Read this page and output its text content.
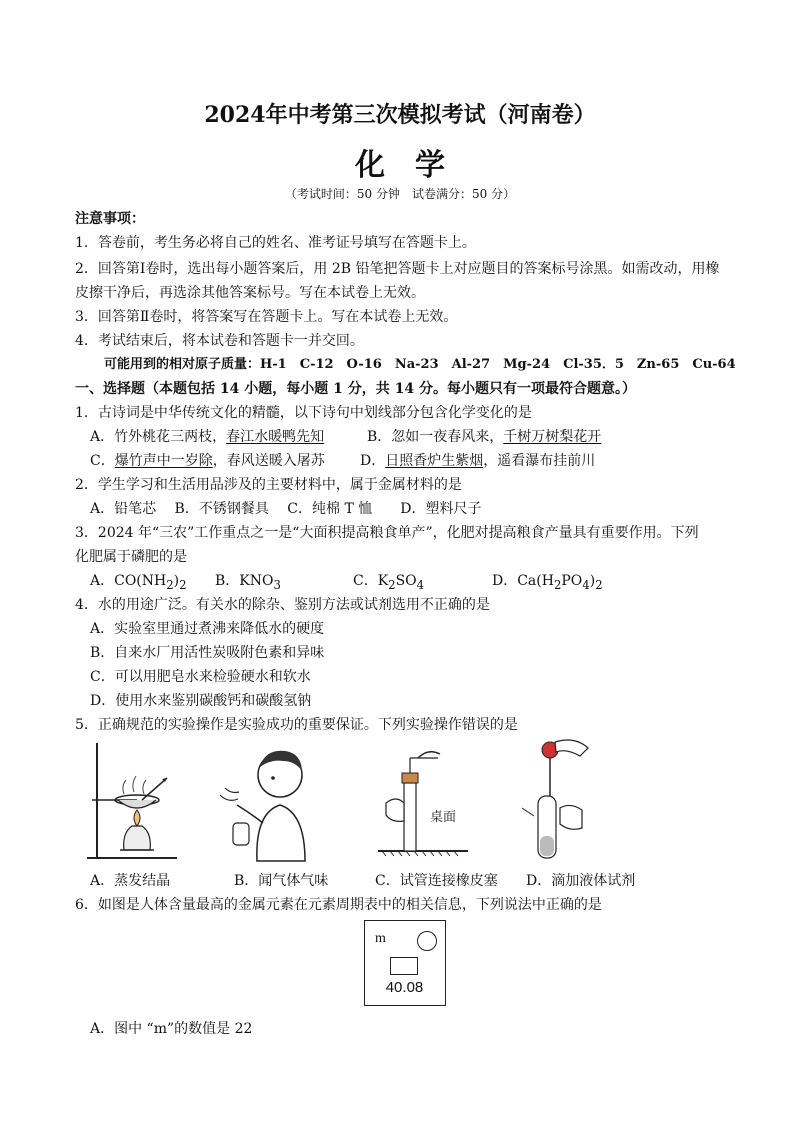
2024年中考第三次模拟考试（河南卷）
化学
（考试时间：50 分钟　试卷满分：50 分）
注意事项：
1．答卷前，考生务必将自己的姓名、准考证号填写在答题卡上。
2．回答第Ⅰ卷时，选出每小题答案后，用 2B 铅笔把答题卡上对应题目的答案标号涂黑。如需改动，用橡
皮擦干净后，再选涂其他答案标号。写在本试卷上无效。
3．回答第Ⅱ卷时，将答案写在答题卡上。写在本试卷上无效。
4．考试结束后，将本试卷和答题卡一并交回。
可能用到的相对原子质量：H-1　C-12　O-16　Na-23　Al-27　Mg-24　Cl-35．5　Zn-65　Cu-64
一、选择题（本题包括 14 小题，每小题 1 分，共 14 分。每小题只有一项最符合题意。）
1．古诗词是中华传统文化的精髓，以下诗句中划线部分包含化学变化的是
A．竹外桃花三两枝，春江水暖鸭先知	B．忽如一夜春风来，千树万树梨花开
C．爆竹声中一岁除，春风送暖入屠苏	D．日照香炉生紫烟，遥看瀑布挂前川
2．学生学习和生活用品涉及的主要材料中，属于金属材料的是
A．铅笔芯　 B．不锈钢餐具　 C．纯棉 T 恤　　D．塑料尺子
3．2024 年“三农”工作重点之一是“大面积提高粮食单产”，化肥对提高粮食产量具有重要作用。下列
化肥属于磷肥的是
A．$CO(NH_2)_2$ B．$KNO_3$	C．$K_2SO_4$	D．$Ca(H_2PO_4)_2$
4．水的用途广泛。有关水的除杂、鉴别方法或试剂选用不正确的是
A．实验室里通过煮沸来降低水的硬度
B．自来水厂用活性炭吸附色素和异味
C．可以用肥皂水来检验硬水和软水
D．使用水来鉴别碳酸钙和碳酸氢钠
5．正确规范的实验操作是实验成功的重要保证。下列实验操作错误的是
桌面
A．蒸发结晶	B．闻气体气味	C．试管连接橡皮塞 D．滴加液体试剂
6．如图是人体含量最高的金属元素在元素周期表中的相关信息，下列说法中正确的是
m
40.08
A．图中 “m”的数值是 22
